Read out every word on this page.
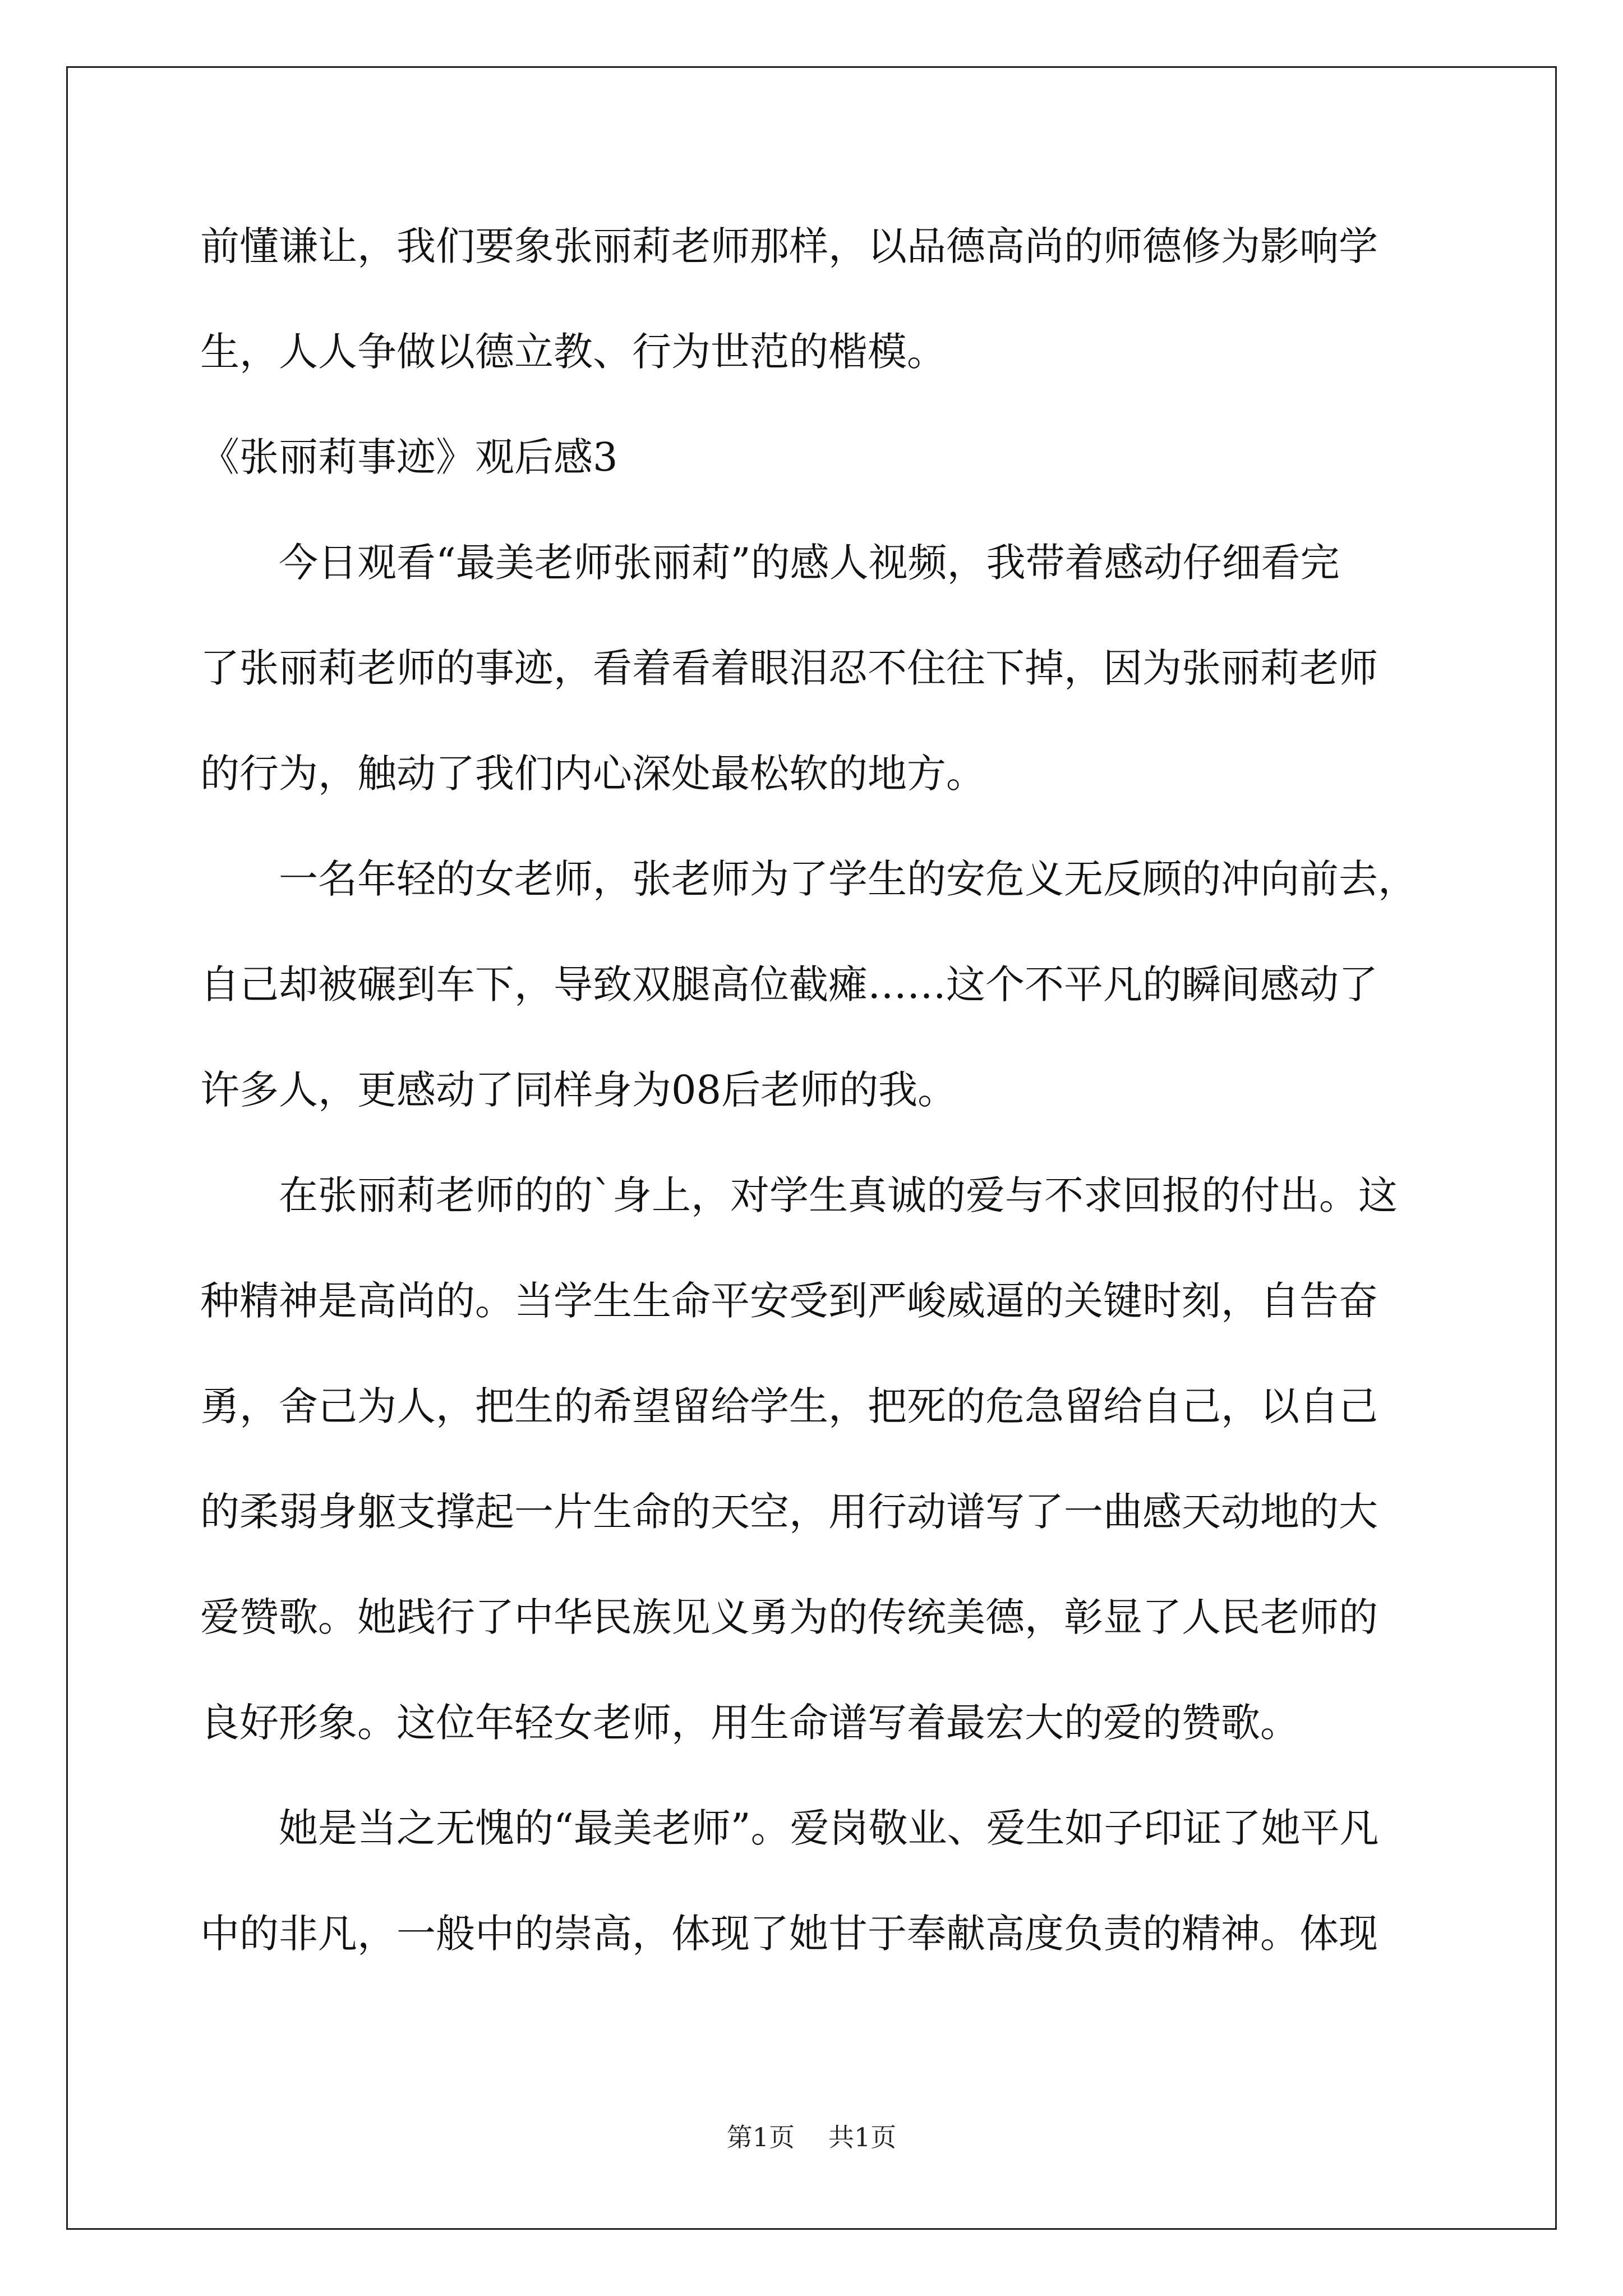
前懂谦让，我们要象张丽莉老师那样，以品德高尚的师德修为影响学
生，人人争做以德立教、行为世范的楷模。
《张丽莉事迹》观后感3
今日观看“最美老师张丽莉”的感人视频，我带着感动仔细看完
了张丽莉老师的事迹，看着看着眼泪忍不住往下掉，因为张丽莉老师
的行为，触动了我们内心深处最松软的地方。
一名年轻的女老师，张老师为了学生的安危义无反顾的冲向前去，
自己却被碾到车下，导致双腿高位截瘫……这个不平凡的瞬间感动了
许多人，更感动了同样身为08后老师的我。
在张丽莉老师的的`身上，对学生真诚的爱与不求回报的付出。这
种精神是高尚的。当学生生命平安受到严峻威逼的关键时刻，自告奋
勇，舍己为人，把生的希望留给学生，把死的危急留给自己，以自己
的柔弱身躯支撑起一片生命的天空，用行动谱写了一曲感天动地的大
爱赞歌。她践行了中华民族见义勇为的传统美德，彰显了人民老师的
良好形象。这位年轻女老师，用生命谱写着最宏大的爱的赞歌。
她是当之无愧的“最美老师”。爱岗敬业、爱生如子印证了她平凡
中的非凡，一般中的崇高，体现了她甘于奉献高度负责的精神。体现
第1页 共1页
